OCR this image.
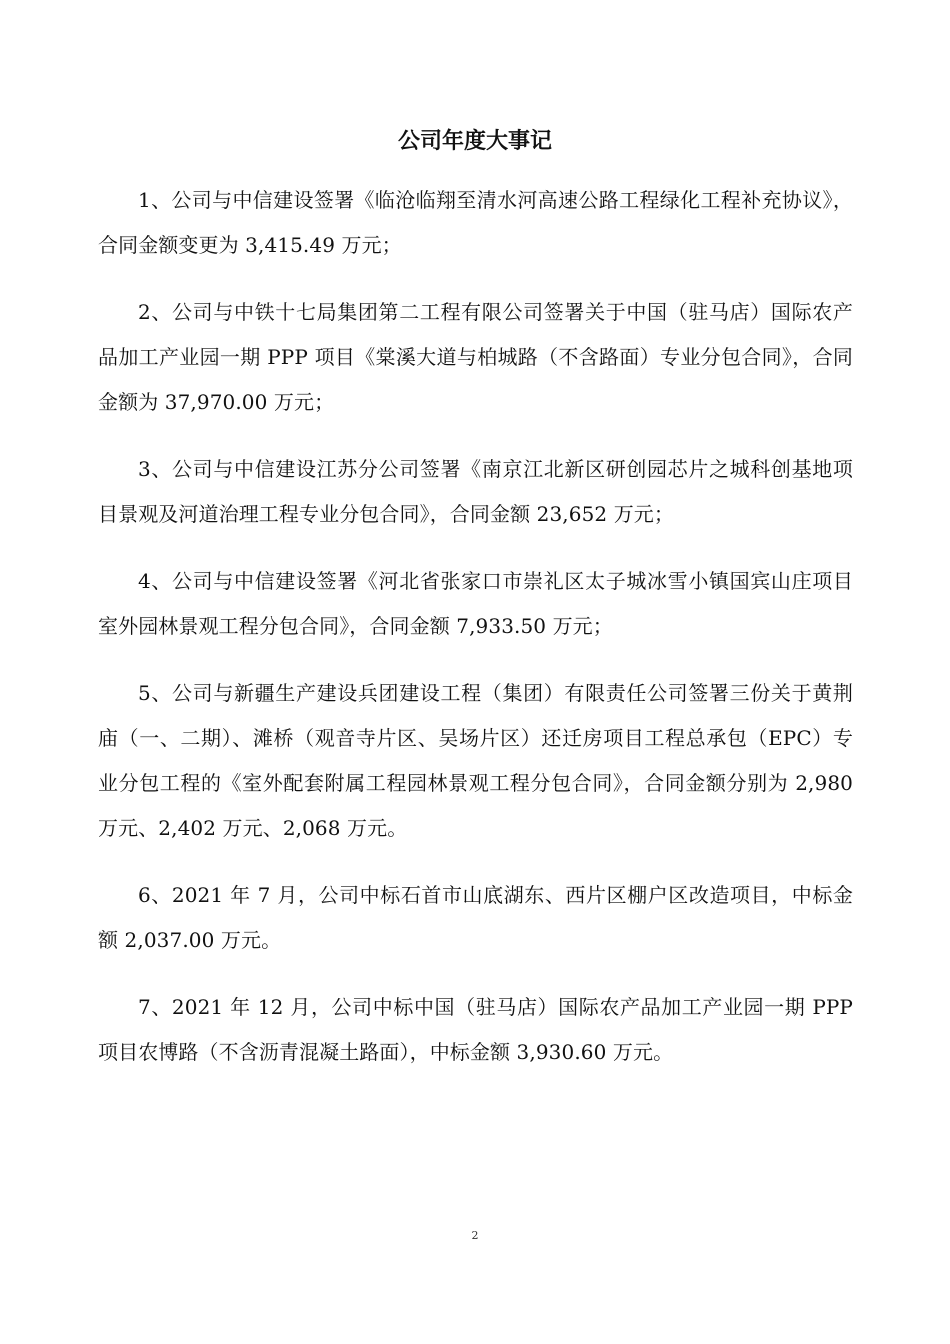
公司年度大事记

1、公司与中信建设签署《临沧临翔至清水河高速公路工程绿化工程补充协议》，合同金额变更为 3,415.49 万元；

2、公司与中铁十七局集团第二工程有限公司签署关于中国（驻马店）国际农产品加工产业园一期 PPP 项目《棠溪大道与柏城路（不含路面）专业分包合同》，合同金额为 37,970.00 万元；

3、公司与中信建设江苏分公司签署《南京江北新区研创园芯片之城科创基地项目景观及河道治理工程专业分包合同》，合同金额 23,652 万元；

4、公司与中信建设签署《河北省张家口市崇礼区太子城冰雪小镇国宾山庄项目室外园林景观工程分包合同》，合同金额 7,933.50 万元；

5、公司与新疆生产建设兵团建设工程（集团）有限责任公司签署三份关于黄荆庙（一、二期）、滩桥（观音寺片区、吴场片区）还迁房项目工程总承包（EPC）专业分包工程的《室外配套附属工程园林景观工程分包合同》，合同金额分别为 2,980 万元、2,402 万元、2,068 万元。

6、2021 年 7 月，公司中标石首市山底湖东、西片区棚户区改造项目，中标金额 2,037.00 万元。

7、2021 年 12 月，公司中标中国（驻马店）国际农产品加工产业园一期 PPP 项目农博路（不含沥青混凝土路面），中标金额 3,930.60 万元。

2
